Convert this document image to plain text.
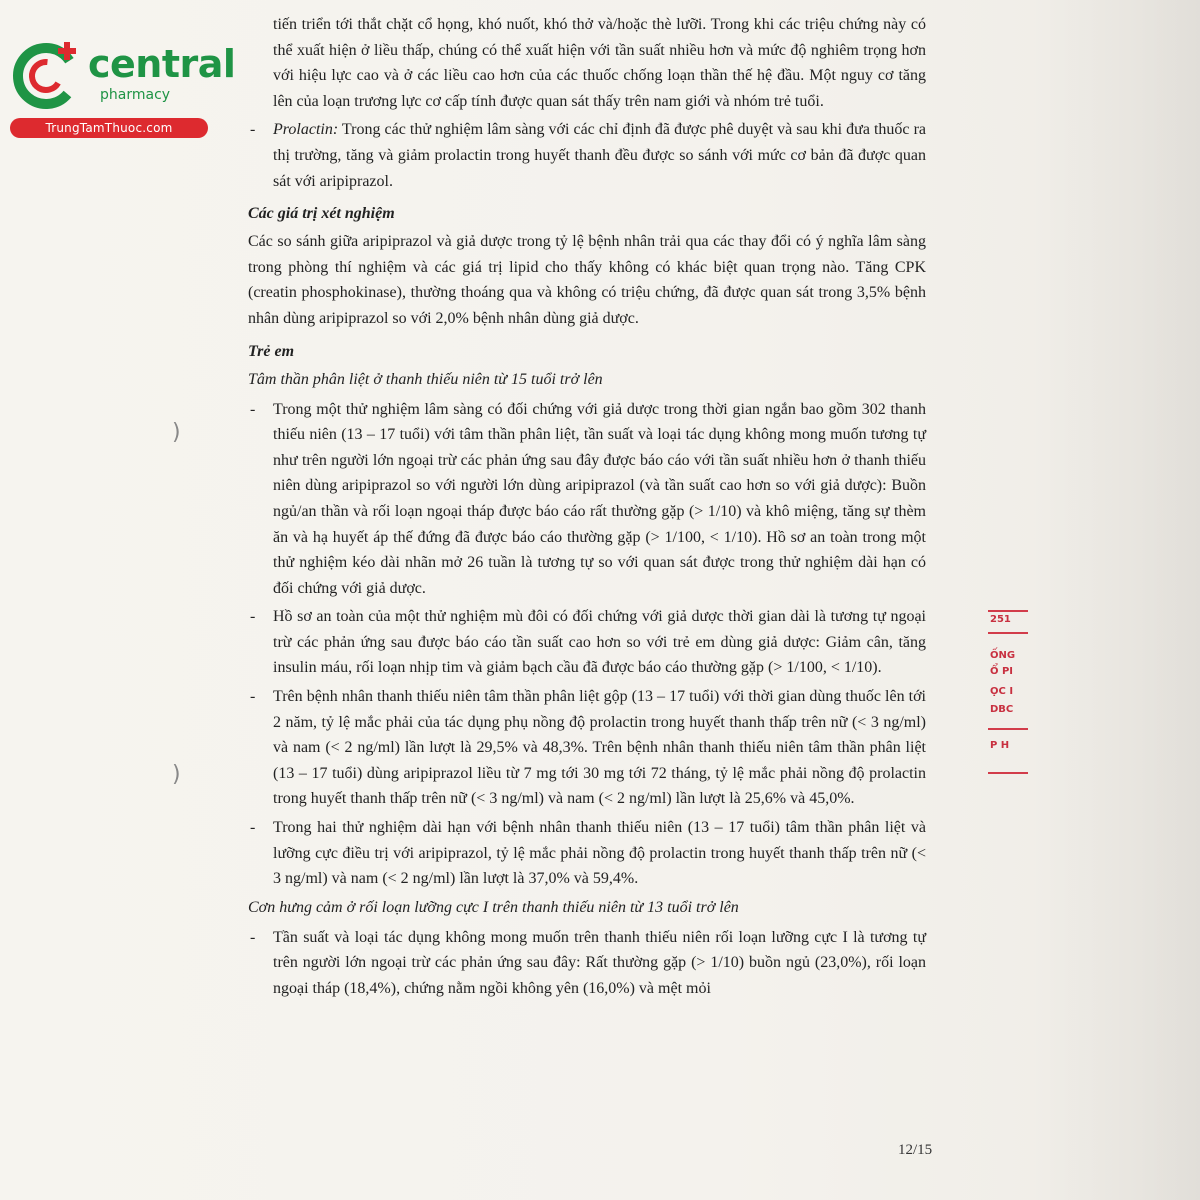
central
pharmacy
TrungTamThuoc.com
)
)
251
ỐNG
Ổ PI
ỌC I
DBC
P H

tiến triển tới thắt chặt cổ họng, khó nuốt, khó thở và/hoặc thè lưỡi. Trong khi các triệu chứng này có thể xuất hiện ở liều thấp, chúng có thể xuất hiện với tần suất nhiều hơn và mức độ nghiêm trọng hơn với hiệu lực cao và ở các liều cao hơn của các thuốc chống loạn thần thế hệ đầu. Một nguy cơ tăng lên của loạn trương lực cơ cấp tính được quan sát thấy trên nam giới và nhóm trẻ tuổi.

- Prolactin: Trong các thử nghiệm lâm sàng với các chỉ định đã được phê duyệt và sau khi đưa thuốc ra thị trường, tăng và giảm prolactin trong huyết thanh đều được so sánh với mức cơ bản đã được quan sát với aripiprazol.

Các giá trị xét nghiệm

Các so sánh giữa aripiprazol và giả dược trong tỷ lệ bệnh nhân trải qua các thay đổi có ý nghĩa lâm sàng trong phòng thí nghiệm và các giá trị lipid cho thấy không có khác biệt quan trọng nào. Tăng CPK (creatin phosphokinase), thường thoáng qua và không có triệu chứng, đã được quan sát trong 3,5% bệnh nhân dùng aripiprazol so với 2,0% bệnh nhân dùng giả dược.

Trẻ em
Tâm thần phân liệt ở thanh thiếu niên từ 15 tuổi trở lên

- Trong một thử nghiệm lâm sàng có đối chứng với giả dược trong thời gian ngắn bao gồm 302 thanh thiếu niên (13 – 17 tuổi) với tâm thần phân liệt, tần suất và loại tác dụng không mong muốn tương tự như trên người lớn ngoại trừ các phản ứng sau đây được báo cáo với tần suất nhiều hơn ở thanh thiếu niên dùng aripiprazol so với người lớn dùng aripiprazol (và tần suất cao hơn so với giả dược): Buồn ngủ/an thần và rối loạn ngoại tháp được báo cáo rất thường gặp (> 1/10) và khô miệng, tăng sự thèm ăn và hạ huyết áp thế đứng đã được báo cáo thường gặp (> 1/100, < 1/10). Hồ sơ an toàn trong một thử nghiệm kéo dài nhãn mở 26 tuần là tương tự so với quan sát được trong thử nghiệm dài hạn có đối chứng với giả dược.

- Hồ sơ an toàn của một thử nghiệm mù đôi có đối chứng với giả dược thời gian dài là tương tự ngoại trừ các phản ứng sau được báo cáo tần suất cao hơn so với trẻ em dùng giả dược: Giảm cân, tăng insulin máu, rối loạn nhịp tim và giảm bạch cầu đã được báo cáo thường gặp (> 1/100, < 1/10).

- Trên bệnh nhân thanh thiếu niên tâm thần phân liệt gộp (13 – 17 tuổi) với thời gian dùng thuốc lên tới 2 năm, tỷ lệ mắc phải của tác dụng phụ nồng độ prolactin trong huyết thanh thấp trên nữ (< 3 ng/ml) và nam (< 2 ng/ml) lần lượt là 29,5% và 48,3%. Trên bệnh nhân thanh thiếu niên tâm thần phân liệt (13 – 17 tuổi) dùng aripiprazol liều từ 7 mg tới 30 mg tới 72 tháng, tỷ lệ mắc phải nồng độ prolactin trong huyết thanh thấp trên nữ (< 3 ng/ml) và nam (< 2 ng/ml) lần lượt là 25,6% và 45,0%.

- Trong hai thử nghiệm dài hạn với bệnh nhân thanh thiếu niên (13 – 17 tuổi) tâm thần phân liệt và lưỡng cực điều trị với aripiprazol, tỷ lệ mắc phải nồng độ prolactin trong huyết thanh thấp trên nữ (< 3 ng/ml) và nam (< 2 ng/ml) lần lượt là 37,0% và 59,4%.

Cơn hưng cảm ở rối loạn lưỡng cực I trên thanh thiếu niên từ 13 tuổi trở lên

- Tần suất và loại tác dụng không mong muốn trên thanh thiếu niên rối loạn lưỡng cực I là tương tự trên người lớn ngoại trừ các phản ứng sau đây: Rất thường gặp (> 1/10) buồn ngủ (23,0%), rối loạn ngoại tháp (18,4%), chứng nằm ngồi không yên (16,0%) và mệt mỏi

12/15
